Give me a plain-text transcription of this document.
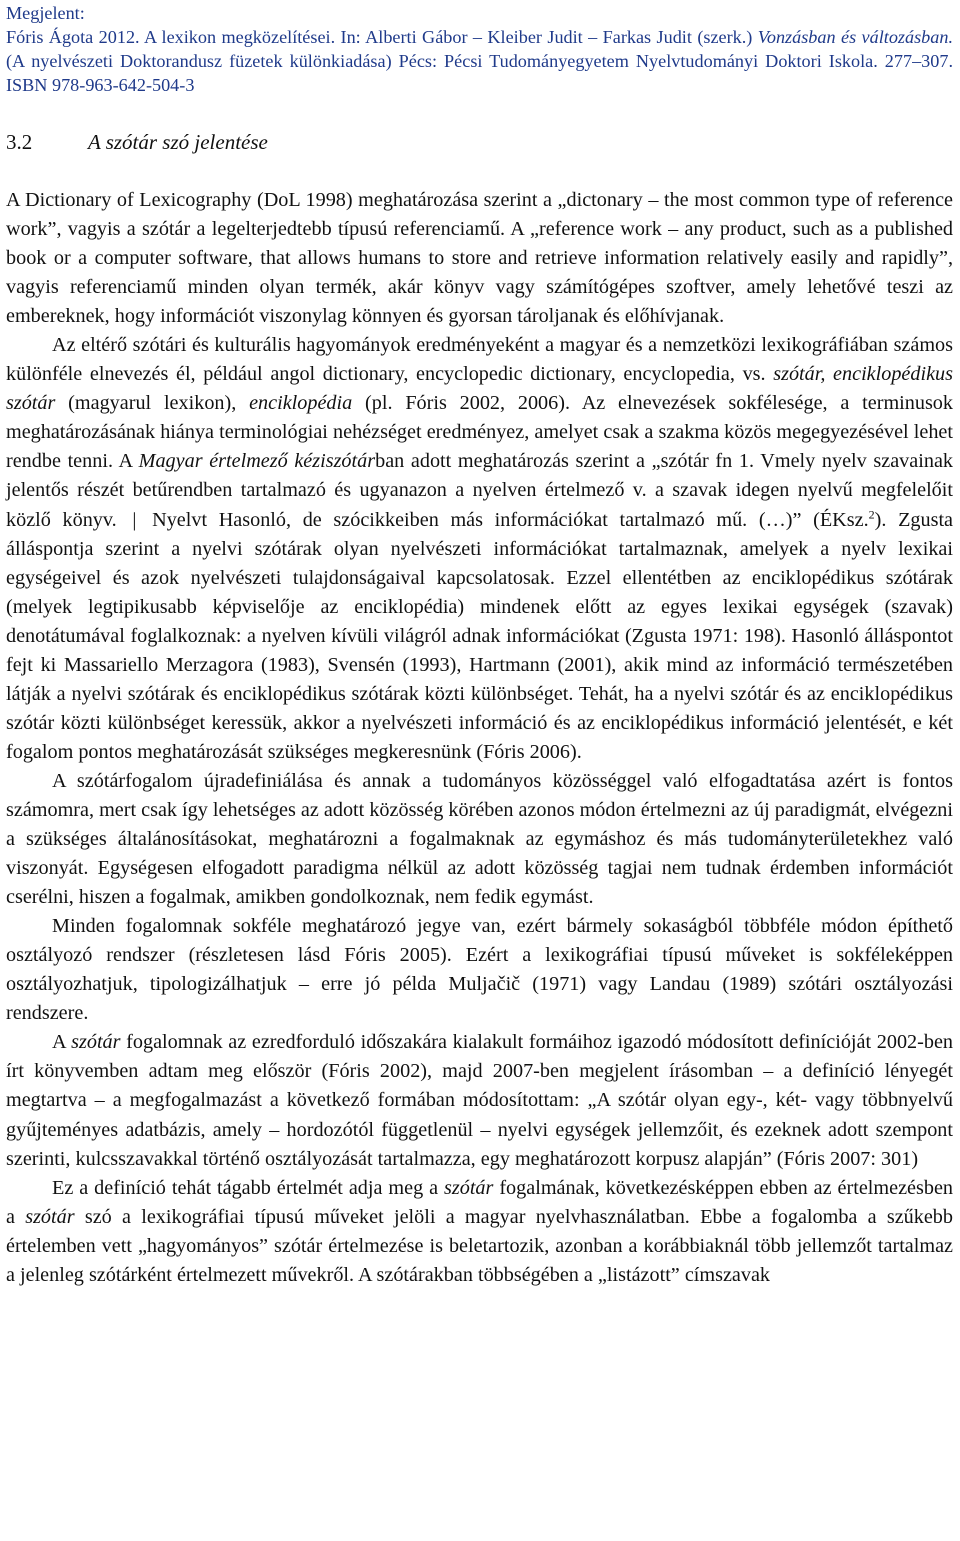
Megjelent:
Fóris Ágota 2012. A lexikon megközelítései. In: Alberti Gábor – Kleiber Judit – Farkas Judit (szerk.) Vonzásban és változásban. (A nyelvészeti Doktorandusz füzetek különkiadása) Pécs: Pécsi Tudományegyetem Nyelvtudományi Doktori Iskola. 277–307. ISBN 978-963-642-504-3
3.2	A szótár szó jelentése

A Dictionary of Lexicography (DoL 1998) meghatározása szerint a „dictonary – the most common type of reference work”, vagyis a szótár a legelterjedtebb típusú referenciamű. A „reference work – any product, such as a published book or a computer software, that allows humans to store and retrieve information relatively easily and rapidly”, vagyis referenciamű minden olyan termék, akár könyv vagy számítógépes szoftver, amely lehetővé teszi az embereknek, hogy információt viszonylag könnyen és gyorsan tároljanak és előhívjanak.

Az eltérő szótári és kulturális hagyományok eredményeként a magyar és a nemzetközi lexikográfiában számos különféle elnevezés él, például angol dictionary, encyclopedic dictionary, encyclopedia, vs. szótár, enciklopédikus szótár (magyarul lexikon), enciklopédia (pl. Fóris 2002, 2006). Az elnevezések sokfélesége, a terminusok meghatározásának hiánya terminológiai nehézséget eredményez, amelyet csak a szakma közös megegyezésével lehet rendbe tenni. A Magyar értelmező kéziszótárban adott meghatározás szerint a „szótár fn 1. Vmely nyelv szavainak jelentős részét betűrendben tartalmazó és ugyanazon a nyelven értelmező v. a szavak idegen nyelvű megfelelőit közlő könyv. | Nyelvt Hasonló, de szócikkeiben más információkat tartalmazó mű. (…)” (ÉKsz.$^2$). Zgusta álláspontja szerint a nyelvi szótárak olyan nyelvészeti információkat tartalmaznak, amelyek a nyelv lexikai egységeivel és azok nyelvészeti tulajdonságaival kapcsolatosak. Ezzel ellentétben az enciklopédikus szótárak (melyek legtipikusabb képviselője az enciklopédia) mindenek előtt az egyes lexikai egységek (szavak) denotátumával foglalkoznak: a nyelven kívüli világról adnak információkat (Zgusta 1971: 198). Hasonló álláspontot fejt ki Massariello Merzagora (1983), Svensén (1993), Hartmann (2001), akik mind az információ természetében látják a nyelvi szótárak és enciklopédikus szótárak közti különbséget. Tehát, ha a nyelvi szótár és az enciklopédikus szótár közti különbséget keressük, akkor a nyelvészeti információ és az enciklopédikus információ jelentését, e két fogalom pontos meghatározását szükséges megkeresnünk (Fóris 2006).

A szótárfogalom újradefiniálása és annak a tudományos közösséggel való elfogadtatása azért is fontos számomra, mert csak így lehetséges az adott közösség körében azonos módon értelmezni az új paradigmát, elvégezni a szükséges általánosításokat, meghatározni a fogalmaknak az egymáshoz és más tudományterületekhez való viszonyát. Egységesen elfogadott paradigma nélkül az adott közösség tagjai nem tudnak érdemben információt cserélni, hiszen a fogalmak, amikben gondolkoznak, nem fedik egymást.

Minden fogalomnak sokféle meghatározó jegye van, ezért bármely sokaságból többféle módon építhető osztályozó rendszer (részletesen lásd Fóris 2005). Ezért a lexikográfiai típusú műveket is sokféleképpen osztályozhatjuk, tipologizálhatjuk – erre jó példa Muljačič (1971) vagy Landau (1989) szótári osztályozási rendszere.

A szótár fogalomnak az ezredforduló időszakára kialakult formáihoz igazodó módosított definícióját 2002-ben írt könyvemben adtam meg először (Fóris 2002), majd 2007-ben megjelent írásomban – a definíció lényegét megtartva – a megfogalmazást a következő formában módosítottam: „A szótár olyan egy-, két- vagy többnyelvű gyűjteményes adatbázis, amely – hordozótól függetlenül – nyelvi egységek jellemzőit, és ezeknek adott szempont szerinti, kulcsszavakkal történő osztályozását tartalmazza, egy meghatározott korpusz alapján” (Fóris 2007: 301)

Ez a definíció tehát tágabb értelmét adja meg a szótár fogalmának, következésképpen ebben az értelmezésben a szótár szó a lexikográfiai típusú műveket jelöli a magyar nyelvhasználatban. Ebbe a fogalomba a szűkebb értelemben vett „hagyományos” szótár értelmezése is beletartozik, azonban a korábbiaknál több jellemzőt tartalmaz a jelenleg szótárként értelmezett művekről. A szótárakban többségében a „listázott” címszavak
